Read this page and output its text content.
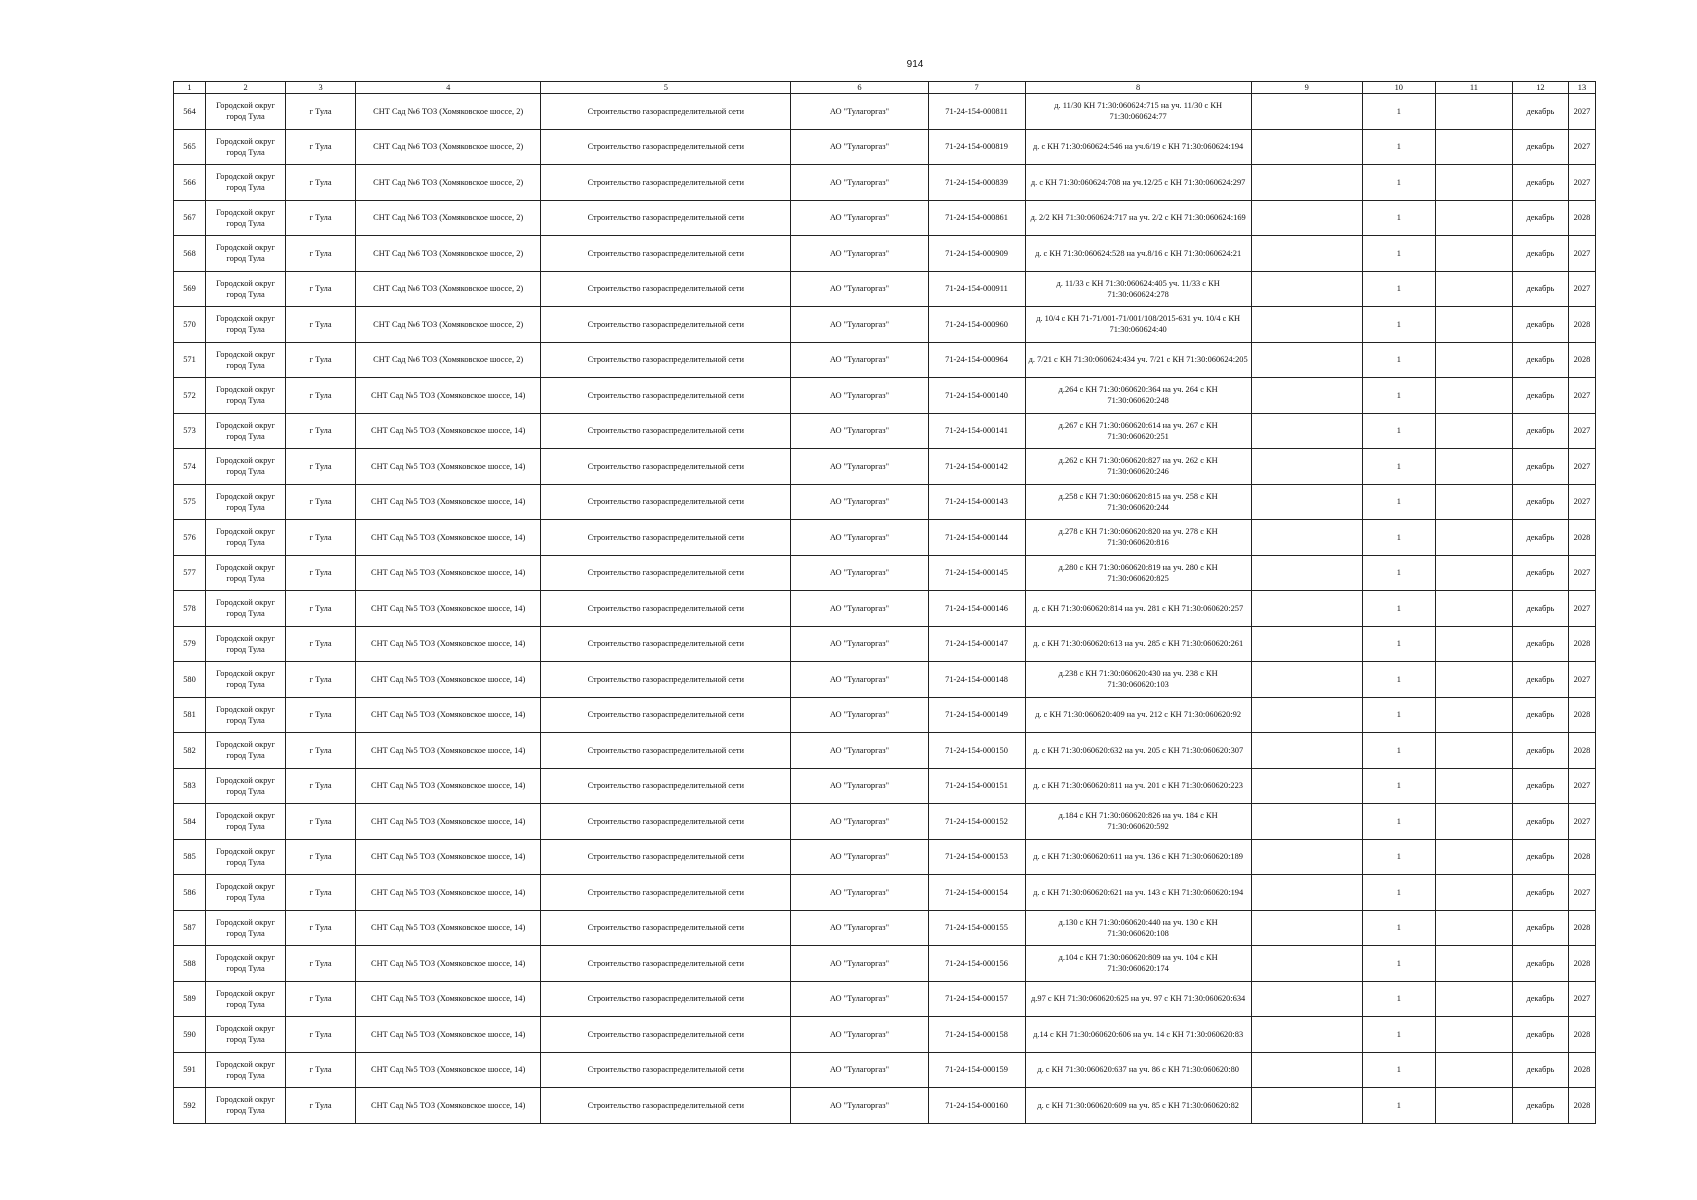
914
1	2	3	4	5	6	7	8	9	10	11	12	13
564	Городской округ город Тула	г Тула	СНТ Сад №6 ТОЗ (Хомяковское шоссе, 2)	Строительство газораспределительной сети	АО "Тулагоргаз"	71-24-154-000811	д. 11/30 КН 71:30:060624:715 на уч. 11/30 с КН 71:30:060624:77		1		декабрь	2027
565	Городской округ город Тула	г Тула	СНТ Сад №6 ТОЗ (Хомяковское шоссе, 2)	Строительство газораспределительной сети	АО "Тулагоргаз"	71-24-154-000819	д. с КН 71:30:060624:546 на уч.6/19 с КН 71:30:060624:194		1		декабрь	2027
566	Городской округ город Тула	г Тула	СНТ Сад №6 ТОЗ (Хомяковское шоссе, 2)	Строительство газораспределительной сети	АО "Тулагоргаз"	71-24-154-000839	д. с КН 71:30:060624:708 на уч.12/25 с КН 71:30:060624:297		1		декабрь	2027
567	Городской округ город Тула	г Тула	СНТ Сад №6 ТОЗ (Хомяковское шоссе, 2)	Строительство газораспределительной сети	АО "Тулагоргаз"	71-24-154-000861	д. 2/2 КН 71:30:060624:717 на уч. 2/2 с КН 71:30:060624:169		1		декабрь	2028
568	Городской округ город Тула	г Тула	СНТ Сад №6 ТОЗ (Хомяковское шоссе, 2)	Строительство газораспределительной сети	АО "Тулагоргаз"	71-24-154-000909	д. с КН 71:30:060624:528 на уч.8/16 с КН 71:30:060624:21		1		декабрь	2027
569	Городской округ город Тула	г Тула	СНТ Сад №6 ТОЗ (Хомяковское шоссе, 2)	Строительство газораспределительной сети	АО "Тулагоргаз"	71-24-154-000911	д. 11/33 с КН 71:30:060624:405 уч. 11/33 с КН 71:30:060624:278		1		декабрь	2027
570	Городской округ город Тула	г Тула	СНТ Сад №6 ТОЗ (Хомяковское шоссе, 2)	Строительство газораспределительной сети	АО "Тулагоргаз"	71-24-154-000960	д. 10/4 с КН 71-71/001-71/001/108/2015-631 уч. 10/4 с КН 71:30:060624:40		1		декабрь	2028
571	Городской округ город Тула	г Тула	СНТ Сад №6 ТОЗ (Хомяковское шоссе, 2)	Строительство газораспределительной сети	АО "Тулагоргаз"	71-24-154-000964	д. 7/21 с КН 71:30:060624:434 уч. 7/21 с КН 71:30:060624:205		1		декабрь	2028
572	Городской округ город Тула	г Тула	СНТ Сад №5 ТОЗ (Хомяковское шоссе, 14)	Строительство газораспределительной сети	АО "Тулагоргаз"	71-24-154-000140	д.264 с КН 71:30:060620:364 на уч. 264 с КН 71:30:060620:248		1		декабрь	2027
573	Городской округ город Тула	г Тула	СНТ Сад №5 ТОЗ (Хомяковское шоссе, 14)	Строительство газораспределительной сети	АО "Тулагоргаз"	71-24-154-000141	д.267 с КН 71:30:060620:614 на уч. 267 с КН 71:30:060620:251		1		декабрь	2027
574	Городской округ город Тула	г Тула	СНТ Сад №5 ТОЗ (Хомяковское шоссе, 14)	Строительство газораспределительной сети	АО "Тулагоргаз"	71-24-154-000142	д.262 с КН 71:30:060620:827 на уч. 262 с КН 71:30:060620:246		1		декабрь	2027
575	Городской округ город Тула	г Тула	СНТ Сад №5 ТОЗ (Хомяковское шоссе, 14)	Строительство газораспределительной сети	АО "Тулагоргаз"	71-24-154-000143	д.258 с КН 71:30:060620:815 на уч. 258 с КН 71:30:060620:244		1		декабрь	2027
576	Городской округ город Тула	г Тула	СНТ Сад №5 ТОЗ (Хомяковское шоссе, 14)	Строительство газораспределительной сети	АО "Тулагоргаз"	71-24-154-000144	д.278 с КН 71:30:060620:820 на уч. 278 с КН 71:30:060620:816		1		декабрь	2028
577	Городской округ город Тула	г Тула	СНТ Сад №5 ТОЗ (Хомяковское шоссе, 14)	Строительство газораспределительной сети	АО "Тулагоргаз"	71-24-154-000145	д.280 с КН 71:30:060620:819 на уч. 280 с КН 71:30:060620:825		1		декабрь	2027
578	Городской округ город Тула	г Тула	СНТ Сад №5 ТОЗ (Хомяковское шоссе, 14)	Строительство газораспределительной сети	АО "Тулагоргаз"	71-24-154-000146	д. с КН 71:30:060620:814 на уч. 281 с КН 71:30:060620:257		1		декабрь	2027
579	Городской округ город Тула	г Тула	СНТ Сад №5 ТОЗ (Хомяковское шоссе, 14)	Строительство газораспределительной сети	АО "Тулагоргаз"	71-24-154-000147	д. с КН 71:30:060620:613 на уч. 285 с КН 71:30:060620:261		1		декабрь	2028
580	Городской округ город Тула	г Тула	СНТ Сад №5 ТОЗ (Хомяковское шоссе, 14)	Строительство газораспределительной сети	АО "Тулагоргаз"	71-24-154-000148	д.238 с КН 71:30:060620:430 на уч. 238 с КН 71:30:060620:103		1		декабрь	2027
581	Городской округ город Тула	г Тула	СНТ Сад №5 ТОЗ (Хомяковское шоссе, 14)	Строительство газораспределительной сети	АО "Тулагоргаз"	71-24-154-000149	д. с КН 71:30:060620:409 на уч. 212 с КН 71:30:060620:92		1		декабрь	2028
582	Городской округ город Тула	г Тула	СНТ Сад №5 ТОЗ (Хомяковское шоссе, 14)	Строительство газораспределительной сети	АО "Тулагоргаз"	71-24-154-000150	д. с КН 71:30:060620:632 на уч. 205 с КН 71:30:060620:307		1		декабрь	2028
583	Городской округ город Тула	г Тула	СНТ Сад №5 ТОЗ (Хомяковское шоссе, 14)	Строительство газораспределительной сети	АО "Тулагоргаз"	71-24-154-000151	д. с КН 71:30:060620:811 на уч. 201 с КН 71:30:060620:223		1		декабрь	2027
584	Городской округ город Тула	г Тула	СНТ Сад №5 ТОЗ (Хомяковское шоссе, 14)	Строительство газораспределительной сети	АО "Тулагоргаз"	71-24-154-000152	д.184 с КН 71:30:060620:826 на уч. 184 с КН 71:30:060620:592		1		декабрь	2027
585	Городской округ город Тула	г Тула	СНТ Сад №5 ТОЗ (Хомяковское шоссе, 14)	Строительство газораспределительной сети	АО "Тулагоргаз"	71-24-154-000153	д. с КН 71:30:060620:611 на уч. 136 с КН 71:30:060620:189		1		декабрь	2028
586	Городской округ город Тула	г Тула	СНТ Сад №5 ТОЗ (Хомяковское шоссе, 14)	Строительство газораспределительной сети	АО "Тулагоргаз"	71-24-154-000154	д. с КН 71:30:060620:621 на уч. 143 с КН 71:30:060620:194		1		декабрь	2027
587	Городской округ город Тула	г Тула	СНТ Сад №5 ТОЗ (Хомяковское шоссе, 14)	Строительство газораспределительной сети	АО "Тулагоргаз"	71-24-154-000155	д.130 с КН 71:30:060620:440 на уч. 130 с КН 71:30:060620:108		1		декабрь	2028
588	Городской округ город Тула	г Тула	СНТ Сад №5 ТОЗ (Хомяковское шоссе, 14)	Строительство газораспределительной сети	АО "Тулагоргаз"	71-24-154-000156	д.104 с КН 71:30:060620:809 на уч. 104 с КН 71:30:060620:174		1		декабрь	2028
589	Городской округ город Тула	г Тула	СНТ Сад №5 ТОЗ (Хомяковское шоссе, 14)	Строительство газораспределительной сети	АО "Тулагоргаз"	71-24-154-000157	д.97 с КН 71:30:060620:625 на уч. 97 с КН 71:30:060620:634		1		декабрь	2027
590	Городской округ город Тула	г Тула	СНТ Сад №5 ТОЗ (Хомяковское шоссе, 14)	Строительство газораспределительной сети	АО "Тулагоргаз"	71-24-154-000158	д.14 с КН 71:30:060620:606 на уч. 14 с КН 71:30:060620:83		1		декабрь	2028
591	Городской округ город Тула	г Тула	СНТ Сад №5 ТОЗ (Хомяковское шоссе, 14)	Строительство газораспределительной сети	АО "Тулагоргаз"	71-24-154-000159	д. с КН 71:30:060620:637 на уч. 86 с КН 71:30:060620:80		1		декабрь	2028
592	Городской округ город Тула	г Тула	СНТ Сад №5 ТОЗ (Хомяковское шоссе, 14)	Строительство газораспределительной сети	АО "Тулагоргаз"	71-24-154-000160	д. с КН 71:30:060620:609 на уч. 85 с КН 71:30:060620:82		1		декабрь	2028
